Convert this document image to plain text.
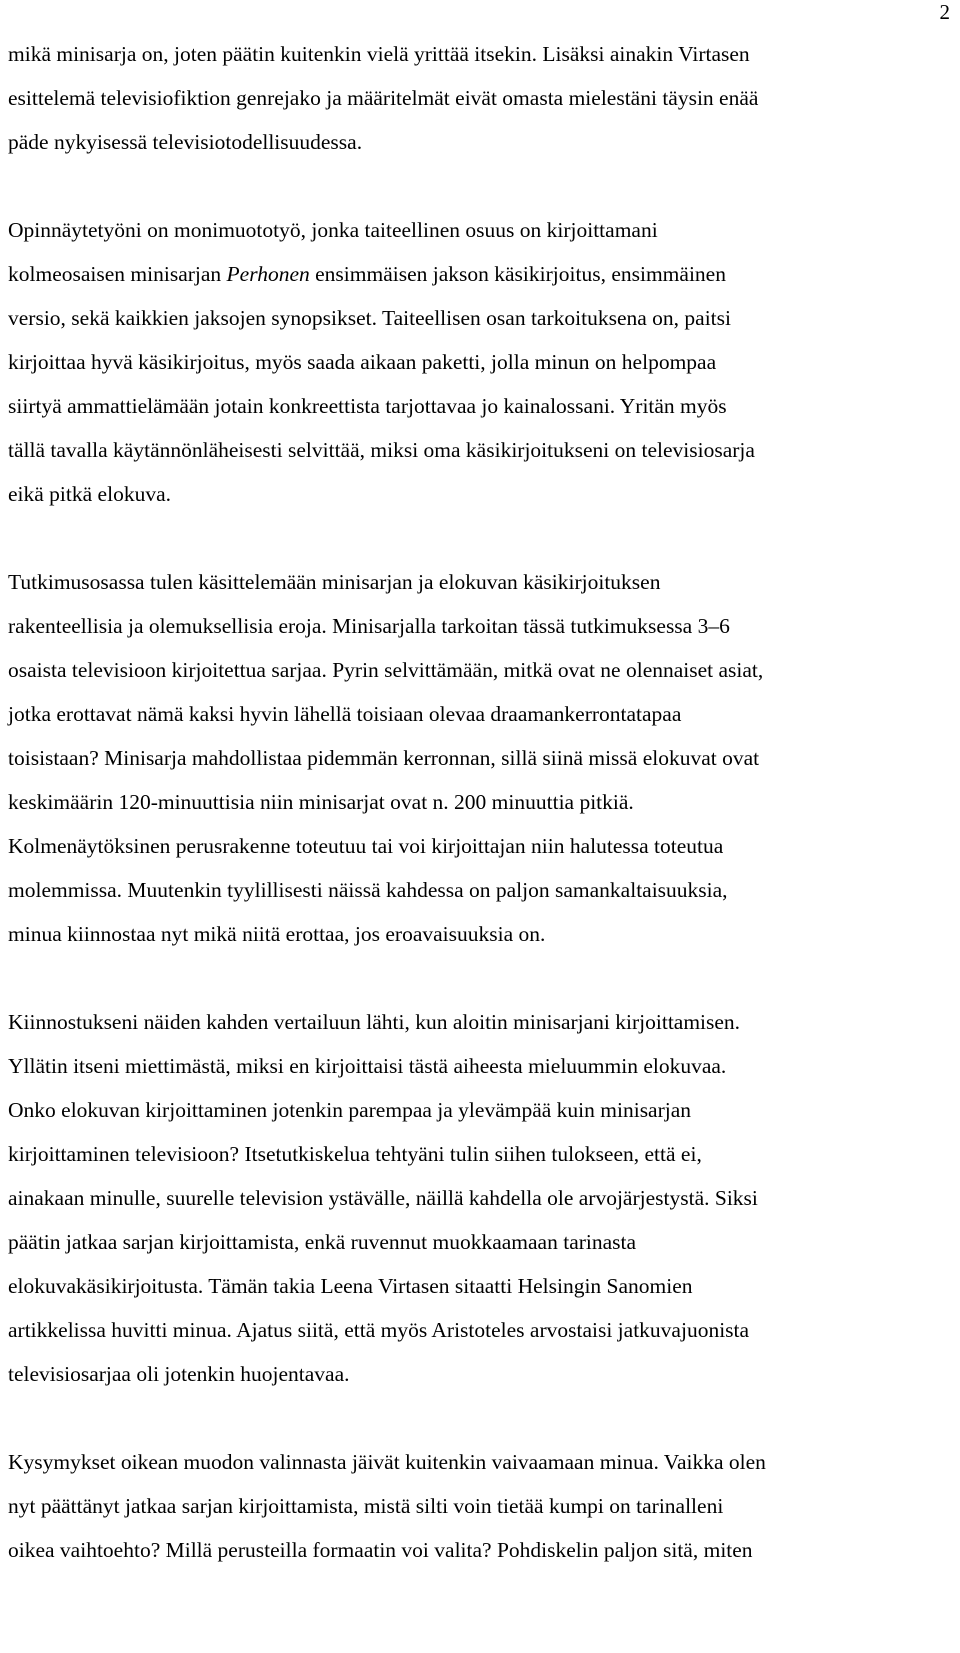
2
mikä minisarja on, joten päätin kuitenkin vielä yrittää itsekin. Lisäksi ainakin Virtasen
esittelemä televisiofiktion genrejako ja määritelmät eivät omasta mielestäni täysin enää
päde nykyisessä televisiotodellisuudessa.
Opinnäytetyöni on monimuototyö, jonka taiteellinen osuus on kirjoittamani
kolmeosaisen minisarjan Perhonen ensimmäisen jakson käsikirjoitus, ensimmäinen
versio, sekä kaikkien jaksojen synopsikset. Taiteellisen osan tarkoituksena on, paitsi
kirjoittaa hyvä käsikirjoitus, myös saada aikaan paketti, jolla minun on helpompaa
siirtyä ammattielämään jotain konkreettista tarjottavaa jo kainalossani. Yritän myös
tällä tavalla käytännönläheisesti selvittää, miksi oma käsikirjoitukseni on televisiosarja
eikä pitkä elokuva.
Tutkimusosassa tulen käsittelemään minisarjan ja elokuvan käsikirjoituksen
rakenteellisia ja olemuksellisia eroja. Minisarjalla tarkoitan tässä tutkimuksessa 3–6
osaista televisioon kirjoitettua sarjaa. Pyrin selvittämään, mitkä ovat ne olennaiset asiat,
jotka erottavat nämä kaksi hyvin lähellä toisiaan olevaa draamankerrontatapaa
toisistaan? Minisarja mahdollistaa pidemmän kerronnan, sillä siinä missä elokuvat ovat
keskimäärin 120-minuuttisia niin minisarjat ovat n. 200 minuuttia pitkiä.
Kolmenäytöksinen perusrakenne toteutuu tai voi kirjoittajan niin halutessa toteutua
molemmissa. Muutenkin tyylillisesti näissä kahdessa on paljon samankaltaisuuksia,
minua kiinnostaa nyt mikä niitä erottaa, jos eroavaisuuksia on.
Kiinnostukseni näiden kahden vertailuun lähti, kun aloitin minisarjani kirjoittamisen.
Yllätin itseni miettimästä, miksi en kirjoittaisi tästä aiheesta mieluummin elokuvaa.
Onko elokuvan kirjoittaminen jotenkin parempaa ja ylevämpää kuin minisarjan
kirjoittaminen televisioon? Itsetutkiskelua tehtyäni tulin siihen tulokseen, että ei,
ainakaan minulle, suurelle television ystävälle, näillä kahdella ole arvojärjestystä. Siksi
päätin jatkaa sarjan kirjoittamista, enkä ruvennut muokkaamaan tarinasta
elokuvakäsikirjoitusta. Tämän takia Leena Virtasen sitaatti Helsingin Sanomien
artikkelissa huvitti minua. Ajatus siitä, että myös Aristoteles arvostaisi jatkuvajuonista
televisiosarjaa oli jotenkin huojentavaa.
Kysymykset oikean muodon valinnasta jäivät kuitenkin vaivaamaan minua. Vaikka olen
nyt päättänyt jatkaa sarjan kirjoittamista, mistä silti voin tietää kumpi on tarinalleni
oikea vaihtoehto? Millä perusteilla formaatin voi valita? Pohdiskelin paljon sitä, miten
